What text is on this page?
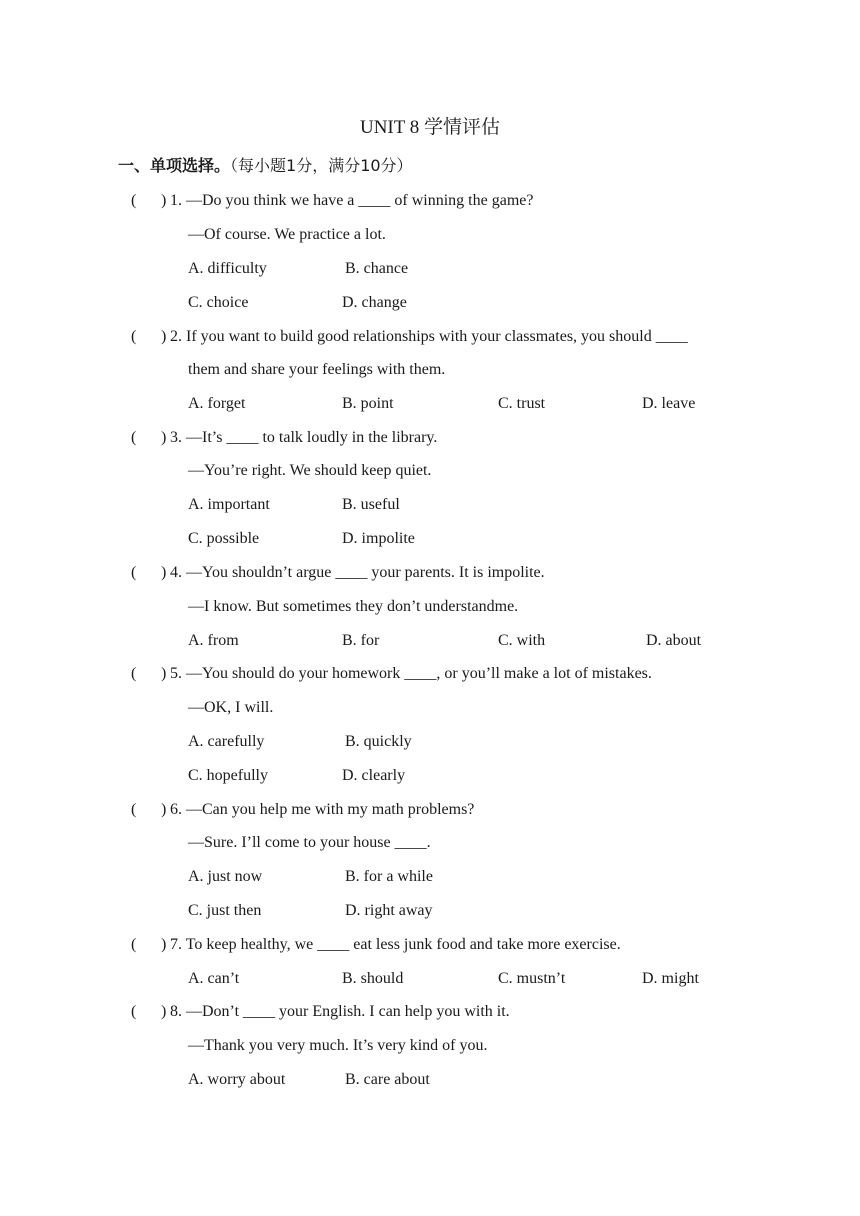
UNIT 8 学情评估
一、单项选择。（每小题1分，满分10分）
( ) 1. —Do you think we have a ____ of winning the game?
—Of course. We practice a lot.
A. difficulty	B. chance
C. choice	D. change
( ) 2. If you want to build good relationships with your classmates, you should ____
them and share your feelings with them.
A. forget	B. point	C. trust	D. leave
( ) 3. —It’s ____ to talk loudly in the library.
—You’re right. We should keep quiet.
A. important	B. useful
C. possible	D. impolite
( ) 4. —You shouldn’t argue ____ your parents. It is impolite.
—I know. But sometimes they don’t understandme.
A. from	B. for	C. with	D. about
( ) 5. —You should do your homework ____, or you’ll make a lot of mistakes.
—OK, I will.
A. carefully	B. quickly
C. hopefully	D. clearly
( ) 6. —Can you help me with my math problems?
—Sure. I’ll come to your house ____.
A. just now	B. for a while
C. just then	D. right away
( ) 7. To keep healthy, we ____ eat less junk food and take more exercise.
A. can’t	B. should	C. mustn’t	D. might
( ) 8. —Don’t ____ your English. I can help you with it.
—Thank you very much. It’s very kind of you.
A. worry about	B. care about
